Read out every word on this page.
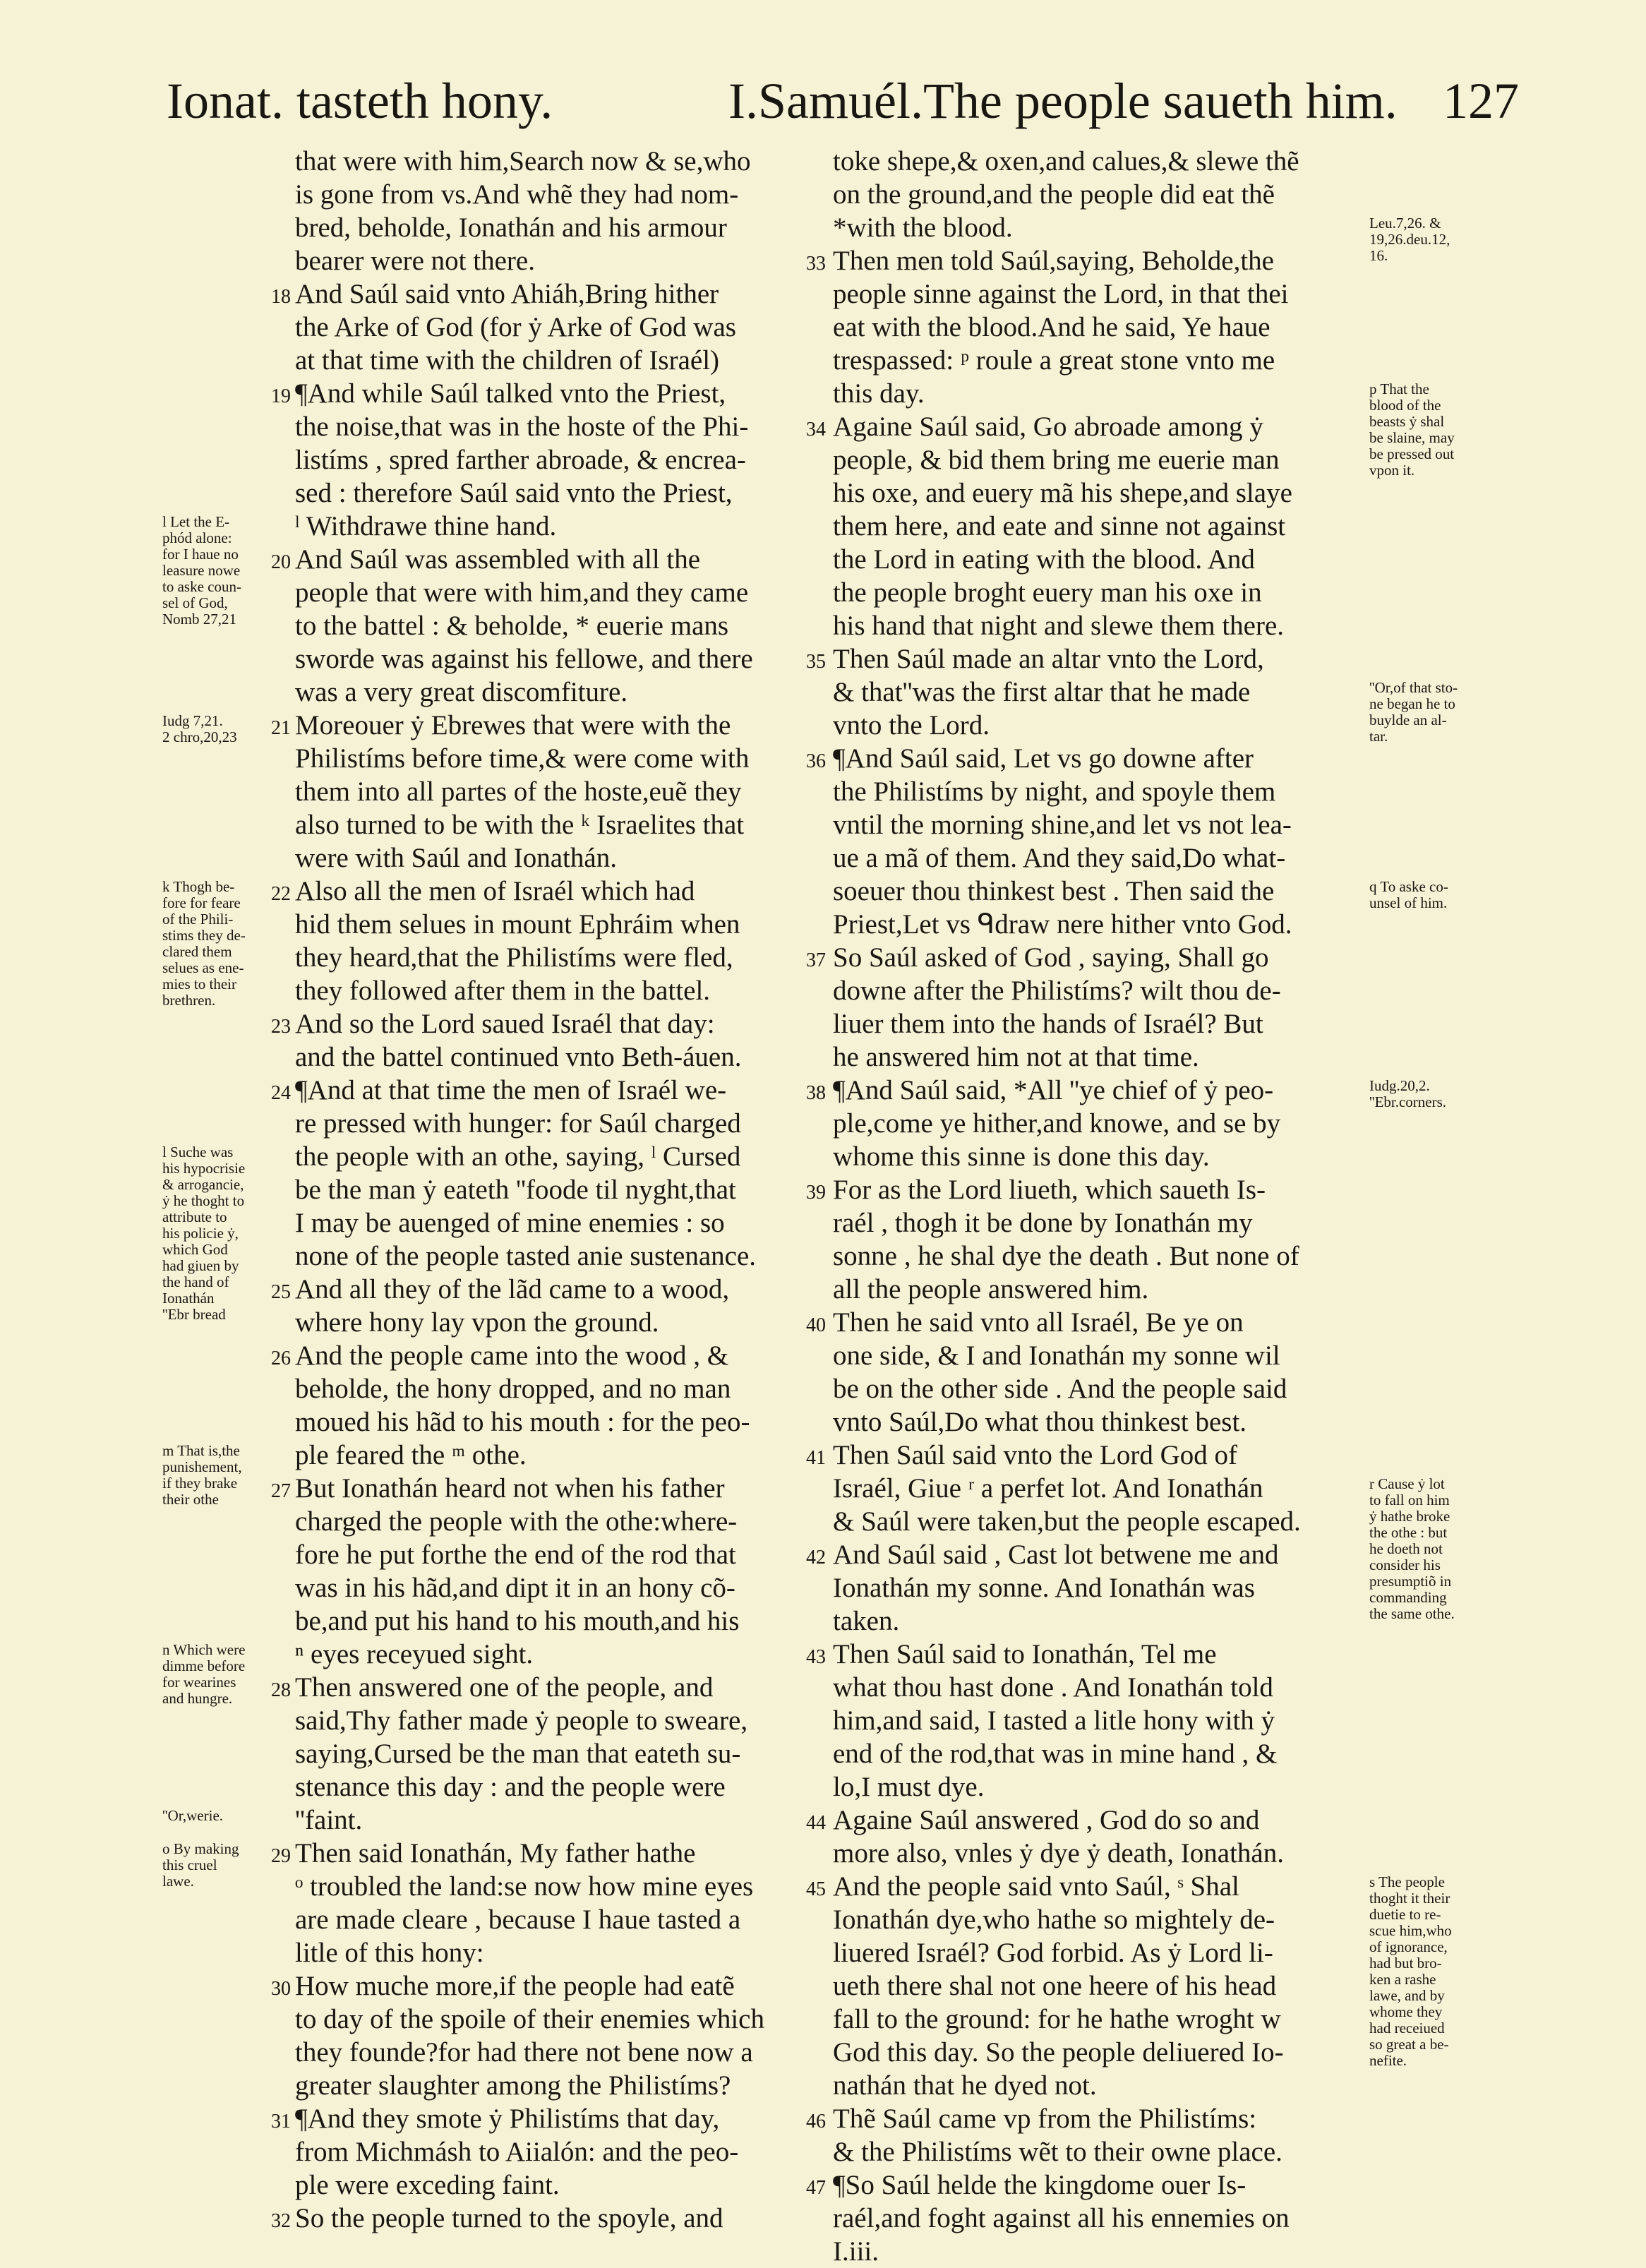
Ionat. tasteth hony.	I.Samuél.The people saueth him. 127
l Let the E-
phód alone:
for I haue no
leasure nowe
to aske coun-
sel of God,
Nomb 27,21
Iudg 7,21.
2 chro,20,23
k Thogh be-
fore for feare
of the Phili-
stims they de-
clared them
selues as ene-
mies to their
brethren.
l Suche was
his hypocrisie
& arrogancie,
ẏ he thoght to
attribute to
his policie ẏ,
which God
had giuen by
the hand of
Ionathán
''Ebr bread
m That is,the
punishement,
if they brake
their othe
n Which were
dimme before
for wearines
and hungre.
''Or,werie.
o By making
this cruel
lawe.
that were with him,Search now & se,who
is gone from vs.And whẽ they had nom-
bred, beholde, Ionathán and his armour
bearer were not there.
18 And Saúl said vnto Ahiáh,Bring hither
the Arke of God (for ẏ Arke of God was
at that time with the children of Israél)
19 ¶And while Saúl talked vnto the Priest,
the noise,that was in the hoste of the Phi-
listíms , spred farther abroade, & encrea-
sed : therefore Saúl said vnto the Priest,
ˡ Withdrawe thine hand.
20 And Saúl was assembled with all the
people that were with him,and they came
to the battel : & beholde, * euerie mans
sworde was against his fellowe, and there
was a very great discomfiture.
21 Moreouer ẏ Ebrewes that were with the
Philistíms before time,& were come with
them into all partes of the hoste,euẽ they
also turned to be with the ᵏ Israelites that
were with Saúl and Ionathán.
22 Also all the men of Israél which had
hid them selues in mount Ephráim when
they heard,that the Philistíms were fled,
they followed after them in the battel.
23 And so the Lord saued Israél that day:
and the battel continued vnto Beth-áuen.
24 ¶And at that time the men of Israél we-
re pressed with hunger: for Saúl charged
the people with an othe, saying, ˡ Cursed
be the man ẏ eateth ''foode til nyght,that
I may be auenged of mine enemies : so
none of the people tasted anie sustenance.
25 And all they of the lãd came to a wood,
where hony lay vpon the ground.
26 And the people came into the wood , &
beholde, the hony dropped, and no man
moued his hãd to his mouth : for the peo-
ple feared the ᵐ othe.
27 But Ionathán heard not when his father
charged the people with the othe:where-
fore he put forthe the end of the rod that
was in his hãd,and dipt it in an hony cõ-
be,and put his hand to his mouth,and his
ⁿ eyes receyued sight.
28 Then answered one of the people, and
said,Thy father made ẏ people to sweare,
saying,Cursed be the man that eateth su-
stenance this day : and the people were
''faint.
29 Then said Ionathán, My father hathe
ᵒ troubled the land:se now how mine eyes
are made cleare , because I haue tasted a
litle of this hony:
30 How muche more,if the people had eatẽ
to day of the spoile of their enemies which
they founde?for had there not bene now a
greater slaughter among the Philistíms?
31 ¶And they smote ẏ Philistíms that day,
from Michmásh to Aiialón: and the peo-
ple were exceding faint.
32 So the people turned to the spoyle, and
toke shepe,& oxen,and calues,& slewe thẽ
on the ground,and the people did eat thẽ
*with the blood.
33 Then men told Saúl,saying, Beholde,the
people sinne against the Lord, in that thei
eat with the blood.And he said, Ye haue
trespassed: ᵖ roule a great stone vnto me
this day.
34 Againe Saúl said, Go abroade among ẏ
people, & bid them bring me euerie man
his oxe, and euery mã his shepe,and slaye
them here, and eate and sinne not against
the Lord in eating with the blood. And
the people broght euery man his oxe in
his hand that night and slewe them there.
35 Then Saúl made an altar vnto the Lord,
& that''was the first altar that he made
vnto the Lord.
36 ¶And Saúl said, Let vs go downe after
the Philistíms by night, and spoyle them
vntil the morning shine,and let vs not lea-
ue a mã of them. And they said,Do what-
soeuer thou thinkest best . Then said the
Priest,Let vs ᑫdraw nere hither vnto God.
37 So Saúl asked of God , saying, Shall go
downe after the Philistíms? wilt thou de-
liuer them into the hands of Israél? But
he answered him not at that time.
38 ¶And Saúl said, *All ''ye chief of ẏ peo-
ple,come ye hither,and knowe, and se by
whome this sinne is done this day.
39 For as the Lord liueth, which saueth Is-
raél , thogh it be done by Ionathán my
sonne , he shal dye the death . But none of
all the people answered him.
40 Then he said vnto all Israél, Be ye on
one side, & I and Ionathán my sonne wil
be on the other side . And the people said
vnto Saúl,Do what thou thinkest best.
41 Then Saúl said vnto the Lord God of
Israél, Giue ʳ a perfet lot. And Ionathán
& Saúl were taken,but the people escaped.
42 And Saúl said , Cast lot betwene me and
Ionathán my sonne. And Ionathán was
taken.
43 Then Saúl said to Ionathán, Tel me
what thou hast done . And Ionathán told
him,and said, I tasted a litle hony with ẏ
end of the rod,that was in mine hand , &
lo,I must dye.
44 Againe Saúl answered , God do so and
more also, vnles ẏ dye ẏ death, Ionathán.
45 And the people said vnto Saúl, ˢ Shal
Ionathán dye,who hathe so mightely de-
liuered Israél? God forbid. As ẏ Lord li-
ueth there shal not one heere of his head
fall to the ground: for he hathe wroght w
God this day. So the people deliuered Io-
nathán that he dyed not.
46 Thẽ Saúl came vp from the Philistíms:
& the Philistíms wẽt to their owne place.
47 ¶So Saúl helde the kingdome ouer Is-
raél,and foght against all his ennemies on
I.iii.
Leu.7,26. &
19,26.deu.12,
16.
p That the
blood of the
beasts ẏ shal
be slaine, may
be pressed out
vpon it.
''Or,of that sto-
ne began he to
buylde an al-
tar.
q To aske co-
unsel of him.
Iudg.20,2.
''Ebr.corners.
r Cause ẏ lot
to fall on him
ẏ hathe broke
the othe : but
he doeth not
consider his
presumptiõ in
commanding
the same othe.
s The people
thoght it their
duetie to re-
scue him,who
of ignorance,
had but bro-
ken a rashe
lawe, and by
whome they
had receiued
so great a be-
nefite.
